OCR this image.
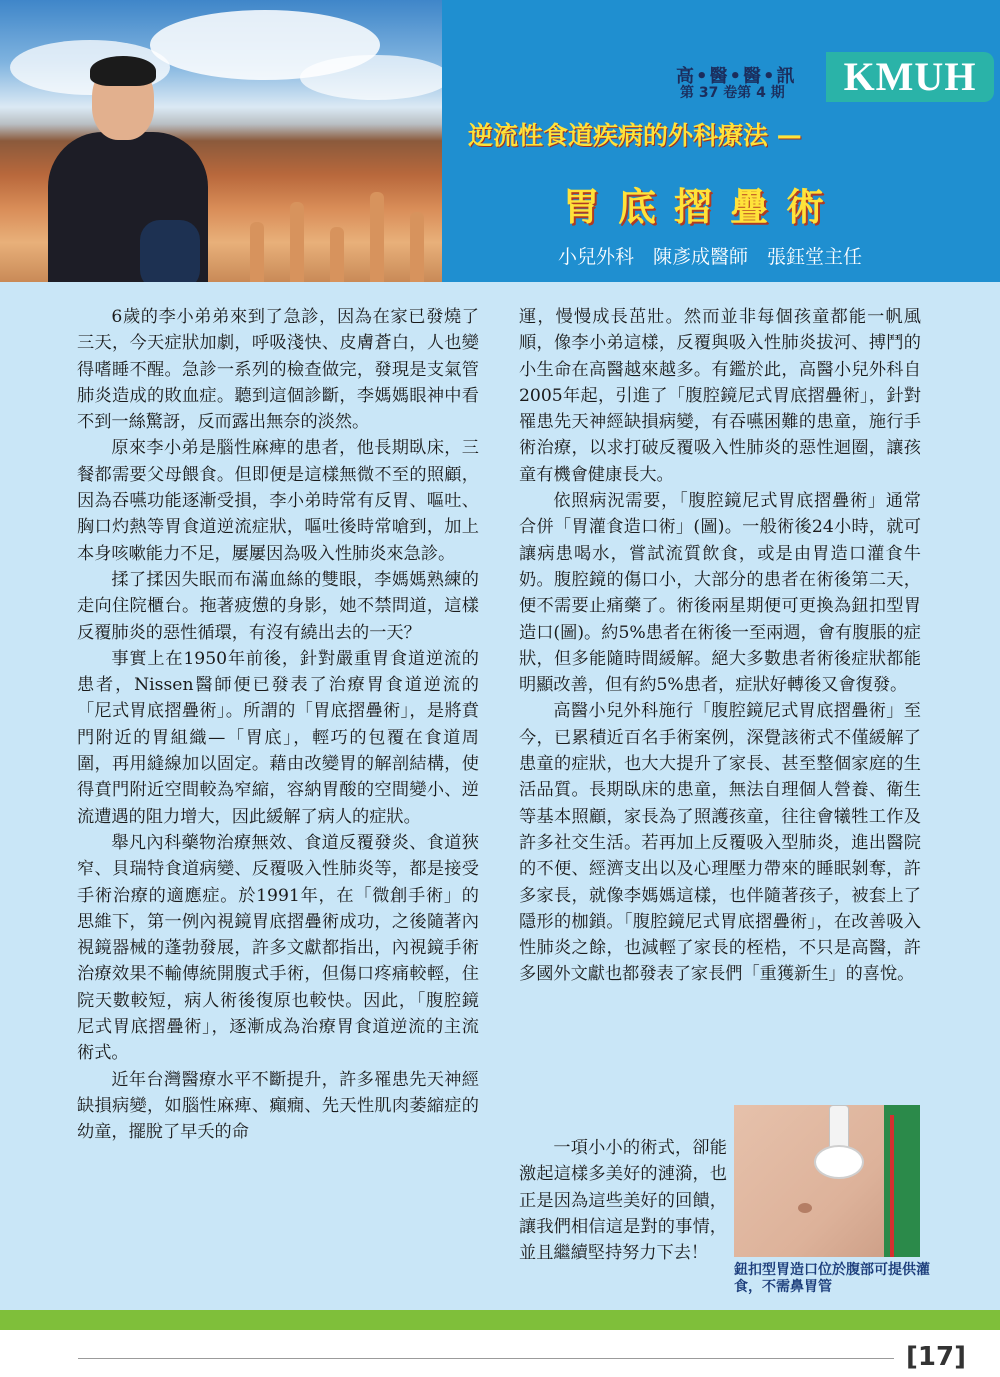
高•醫•醫•訊
第 37 卷第 4 期	KMUH
逆流性食道疾病的外科療法 —
胃底摺疊術
小兒外科　陳彥成醫師　張鈺堂主任

6歲的李小弟弟來到了急診，因為在家已發燒了三天，今天症狀加劇，呼吸淺快、皮膚蒼白，人也變得嗜睡不醒。急診一系列的檢查做完，發現是支氣管肺炎造成的敗血症。聽到這個診斷，李媽媽眼神中看不到一絲驚訝，反而露出無奈的淡然。

原來李小弟是腦性麻痺的患者，他長期臥床，三餐都需要父母餵食。但即便是這樣無微不至的照顧，因為吞嚥功能逐漸受損，李小弟時常有反胃、嘔吐、胸口灼熱等胃食道逆流症狀，嘔吐後時常嗆到，加上本身咳嗽能力不足，屢屢因為吸入性肺炎來急診。

揉了揉因失眠而布滿血絲的雙眼，李媽媽熟練的走向住院櫃台。拖著疲憊的身影，她不禁問道，這樣反覆肺炎的惡性循環，有沒有繞出去的一天？

事實上在1950年前後，針對嚴重胃食道逆流的患者，Nissen醫師便已發表了治療胃食道逆流的「尼式胃底摺疊術」。所謂的「胃底摺疊術」，是將賁門附近的胃組織—「胃底」，輕巧的包覆在食道周圍，再用縫線加以固定。藉由改變胃的解剖結構，使得賁門附近空間較為窄縮，容納胃酸的空間變小、逆流遭遇的阻力增大，因此緩解了病人的症狀。

舉凡內科藥物治療無效、食道反覆發炎、食道狹窄、貝瑞特食道病變、反覆吸入性肺炎等，都是接受手術治療的適應症。於1991年，在「微創手術」的思維下，第一例內視鏡胃底摺疊術成功，之後隨著內視鏡器械的蓬勃發展，許多文獻都指出，內視鏡手術治療效果不輸傳統開腹式手術，但傷口疼痛較輕，住院天數較短，病人術後復原也較快。因此，「腹腔鏡尼式胃底摺疊術」，逐漸成為治療胃食道逆流的主流術式。

近年台灣醫療水平不斷提升，許多罹患先天神經缺損病變，如腦性麻痺、癲癇、先天性肌肉萎縮症的幼童，擺脫了早夭的命

運，慢慢成長茁壯。然而並非每個孩童都能一帆風順，像李小弟這樣，反覆與吸入性肺炎拔河、搏鬥的小生命在高醫越來越多。有鑑於此，高醫小兒外科自2005年起，引進了「腹腔鏡尼式胃底摺疊術」，針對罹患先天神經缺損病變，有吞嚥困難的患童，施行手術治療，以求打破反覆吸入性肺炎的惡性迴圈，讓孩童有機會健康長大。

依照病況需要，「腹腔鏡尼式胃底摺疊術」通常合併「胃灌食造口術」(圖)。一般術後24小時，就可讓病患喝水，嘗試流質飲食，或是由胃造口灌食牛奶。腹腔鏡的傷口小，大部分的患者在術後第二天，便不需要止痛藥了。術後兩星期便可更換為鈕扣型胃造口(圖)。約5%患者在術後一至兩週，會有腹脹的症狀，但多能隨時間緩解。絕大多數患者術後症狀都能明顯改善，但有約5%患者，症狀好轉後又會復發。

高醫小兒外科施行「腹腔鏡尼式胃底摺疊術」至今，已累積近百名手術案例，深覺該術式不僅緩解了患童的症狀，也大大提升了家長、甚至整個家庭的生活品質。長期臥床的患童，無法自理個人營養、衛生等基本照顧，家長為了照護孩童，往往會犧牲工作及許多社交生活。若再加上反覆吸入型肺炎，進出醫院的不便、經濟支出以及心理壓力帶來的睡眠剝奪，許多家長，就像李媽媽這樣，也伴隨著孩子，被套上了隱形的枷鎖。「腹腔鏡尼式胃底摺疊術」，在改善吸入性肺炎之餘，也減輕了家長的桎梏，不只是高醫，許多國外文獻也都發表了家長們「重獲新生」的喜悅。

一項小小的術式，卻能激起這樣多美好的漣漪，也正是因為這些美好的回饋，讓我們相信這是對的事情，並且繼續堅持努力下去！

鈕扣型胃造口位於腹部可提供灌食，不需鼻胃管
[17]
